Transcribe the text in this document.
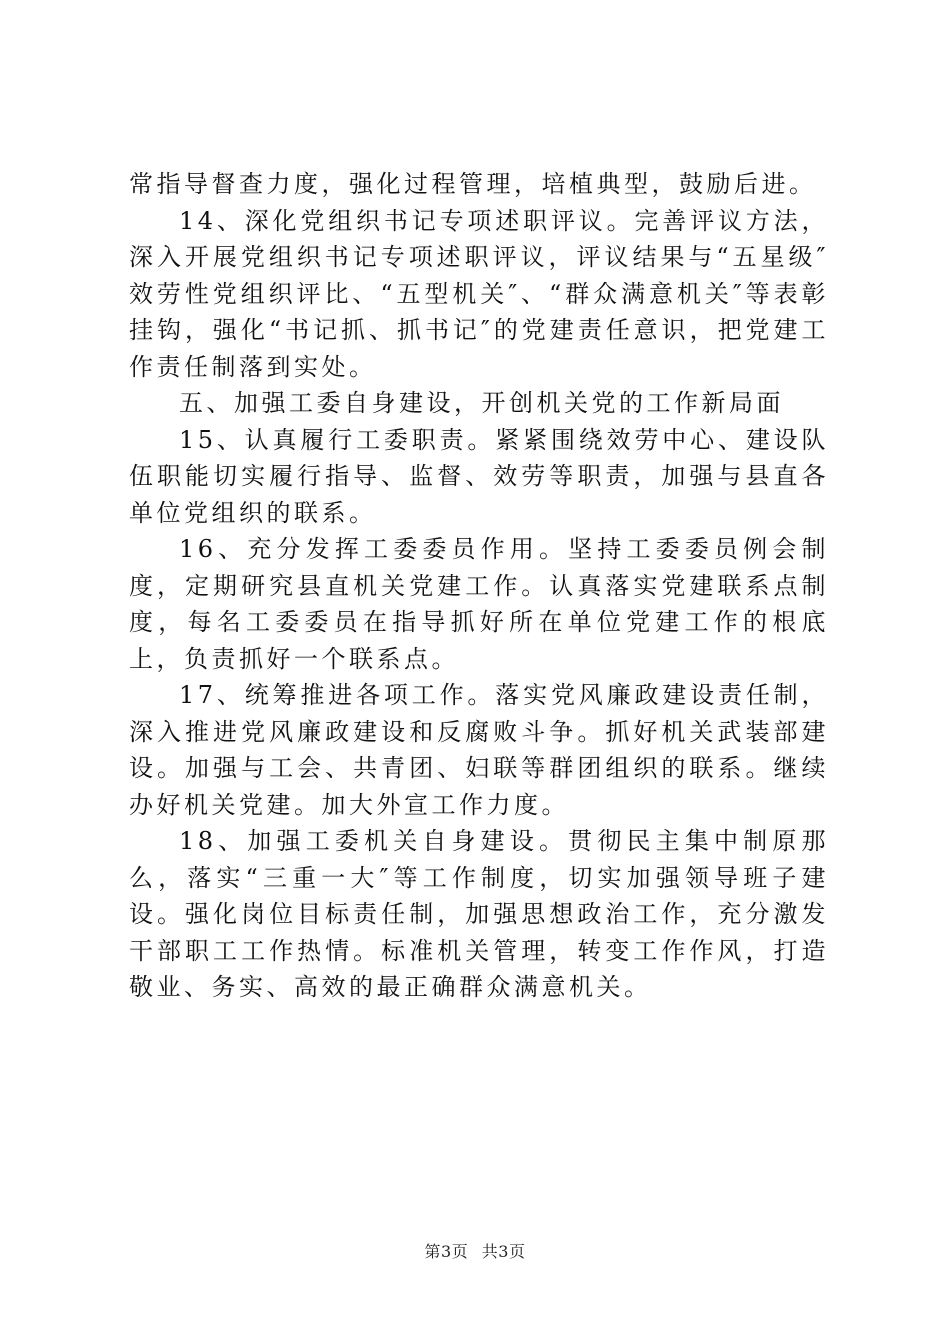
常指导督查力度，强化过程管理，培植典型，鼓励后进。

14、深化党组织书记专项述职评议。完善评议方法，深入开展党组织书记专项述职评议，评议结果与“五星级″效劳性党组织评比、“五型机关″、“群众满意机关″等表彰挂钩，强化“书记抓、抓书记″的党建责任意识，把党建工作责任制落到实处。

五、加强工委自身建设，开创机关党的工作新局面

15、认真履行工委职责。紧紧围绕效劳中心、建设队伍职能切实履行指导、监督、效劳等职责，加强与县直各单位党组织的联系。

16、充分发挥工委委员作用。坚持工委委员例会制度，定期研究县直机关党建工作。认真落实党建联系点制度，每名工委委员在指导抓好所在单位党建工作的根底上，负责抓好一个联系点。

17、统筹推进各项工作。落实党风廉政建设责任制，深入推进党风廉政建设和反腐败斗争。抓好机关武装部建设。加强与工会、共青团、妇联等群团组织的联系。继续办好机关党建。加大外宣工作力度。

18、加强工委机关自身建设。贯彻民主集中制原那么，落实“三重一大″等工作制度，切实加强领导班子建设。强化岗位目标责任制，加强思想政治工作，充分激发干部职工工作热情。标准机关管理，转变工作作风，打造敬业、务实、高效的最正确群众满意机关。

第3页 共3页
